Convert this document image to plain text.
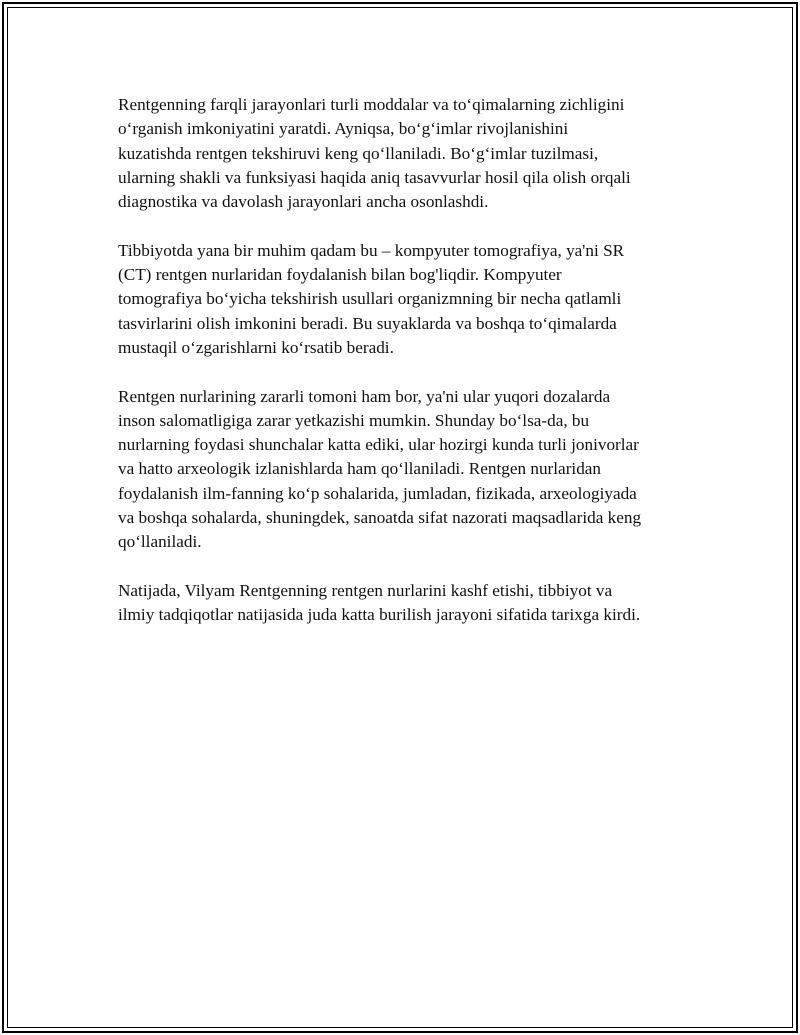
Rentgenning farqli jarayonlari turli moddalar va to‘qimalarning zichligini
o‘rganish imkoniyatini yaratdi. Ayniqsa, bo‘g‘imlar rivojlanishini
kuzatishda rentgen tekshiruvi keng qo‘llaniladi. Bo‘g‘imlar tuzilmasi,
ularning shakli va funksiyasi haqida aniq tasavvurlar hosil qila olish orqali
diagnostika va davolash jarayonlari ancha osonlashdi.

Tibbiyotda yana bir muhim qadam bu – kompyuter tomografiya, ya'ni SR
(CT) rentgen nurlaridan foydalanish bilan bog'liqdir. Kompyuter
tomografiya bo‘yicha tekshirish usullari organizmning bir necha qatlamli
tasvirlarini olish imkonini beradi. Bu suyaklarda va boshqa to‘qimalarda
mustaqil o‘zgarishlarni ko‘rsatib beradi.

Rentgen nurlarining zararli tomoni ham bor, ya'ni ular yuqori dozalarda
inson salomatligiga zarar yetkazishi mumkin. Shunday bo‘lsa-da, bu
nurlarning foydasi shunchalar katta ediki, ular hozirgi kunda turli jonivorlar
va hatto arxeologik izlanishlarda ham qo‘llaniladi. Rentgen nurlaridan
foydalanish ilm-fanning ko‘p sohalarida, jumladan, fizikada, arxeologiyada
va boshqa sohalarda, shuningdek, sanoatda sifat nazorati maqsadlarida keng
qo‘llaniladi.

Natijada, Vilyam Rentgenning rentgen nurlarini kashf etishi, tibbiyot va
ilmiy tadqiqotlar natijasida juda katta burilish jarayoni sifatida tarixga kirdi.
